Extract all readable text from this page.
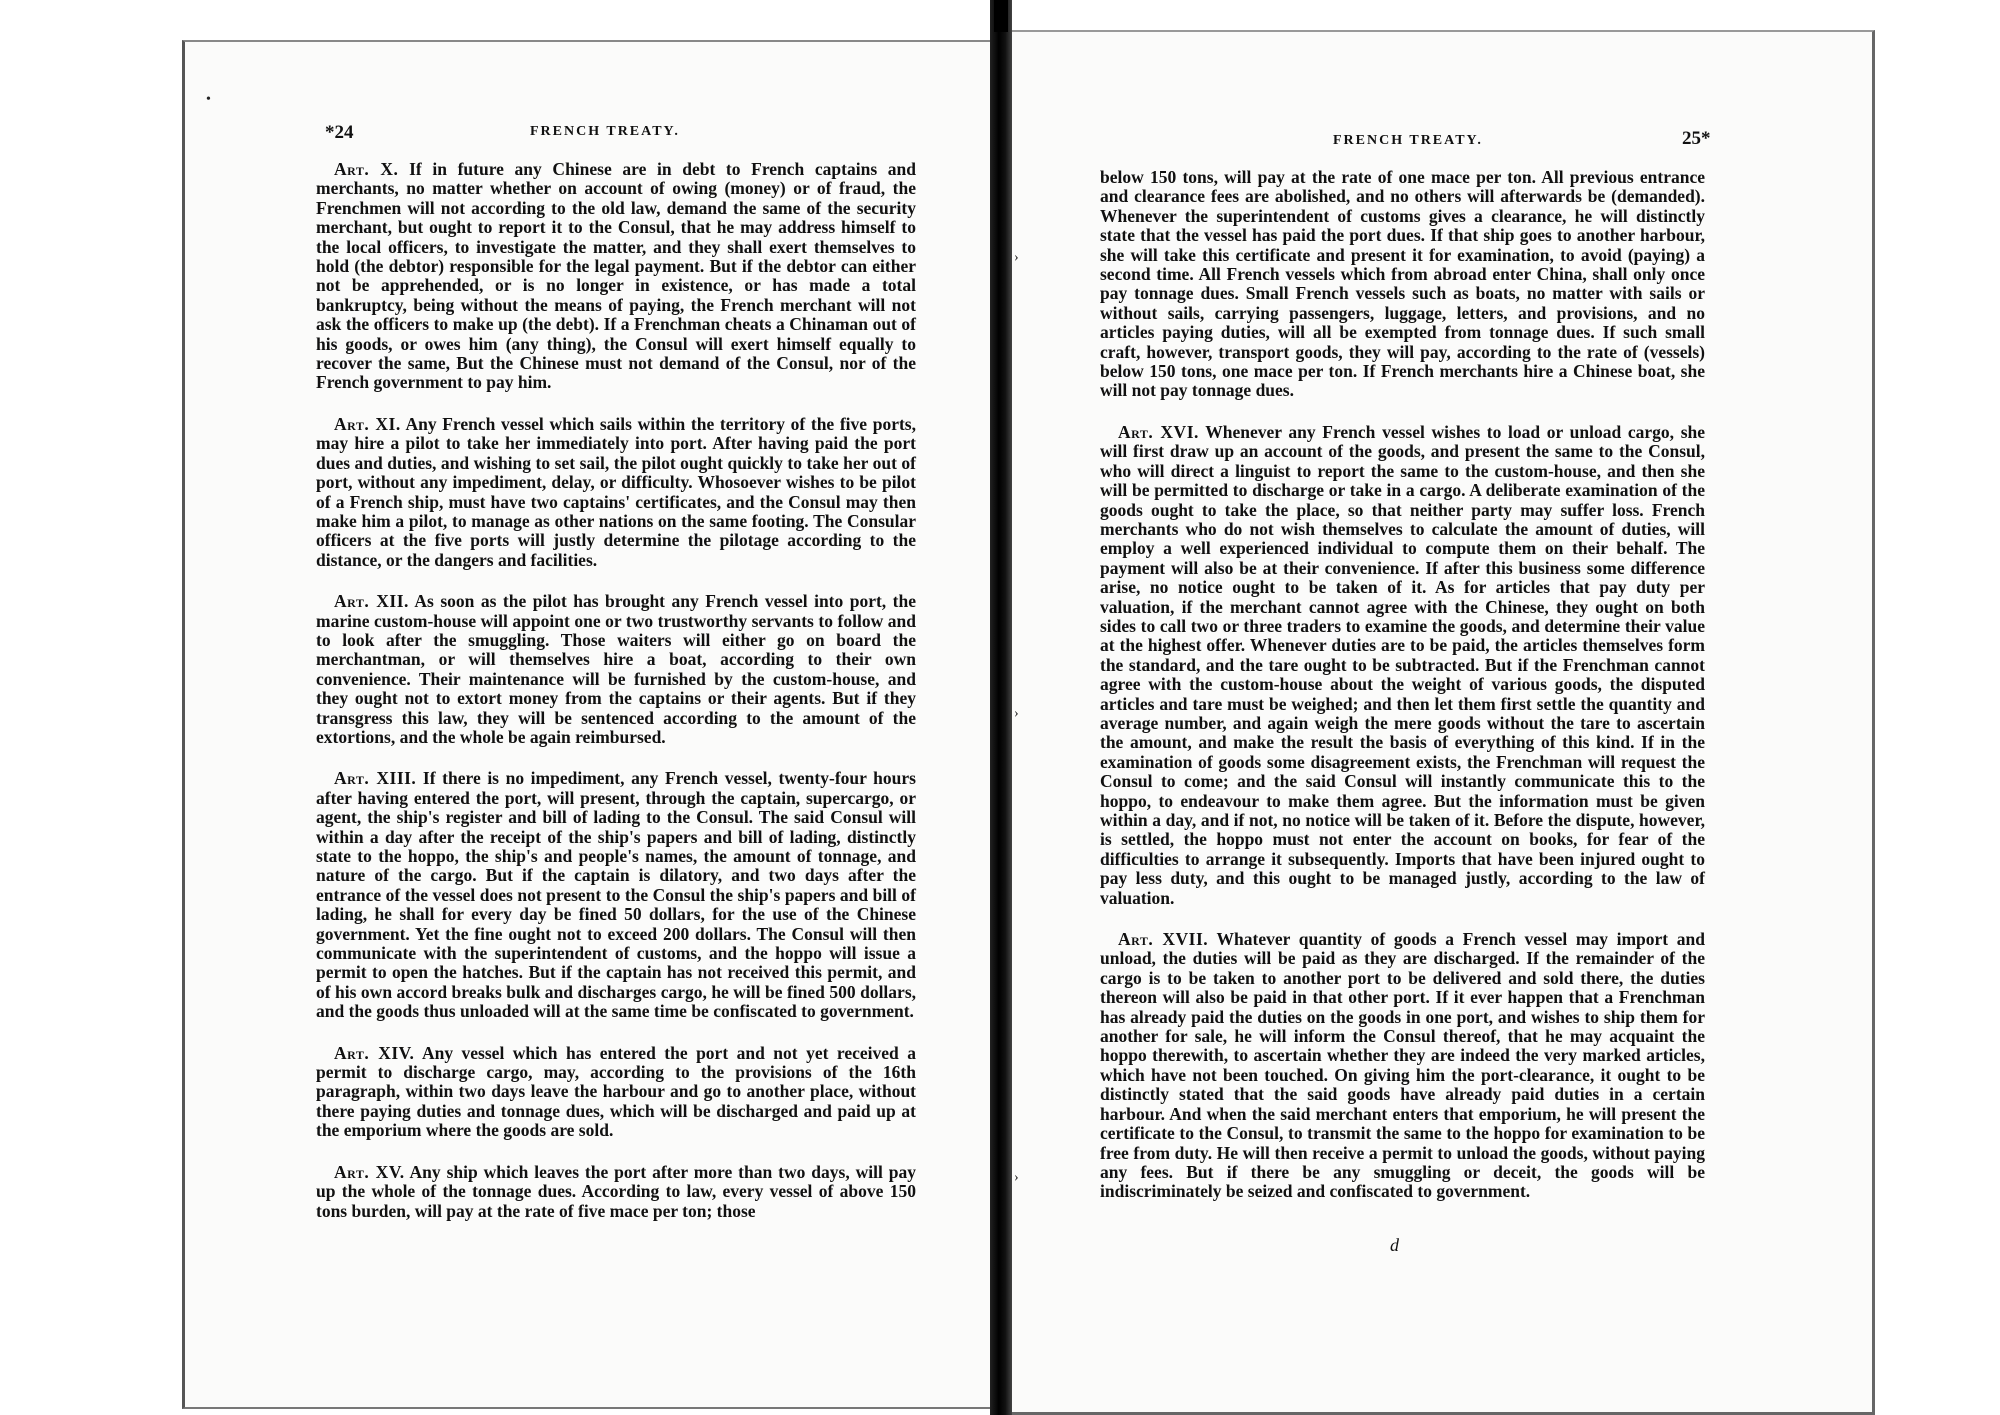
•
›
›
›
*24	FRENCH TREATY.

Art. X. If in future any Chinese are in debt to French captains and merchants, no matter whether on account of owing (money) or of fraud, the Frenchmen will not according to the old law, demand the same of the security merchant, but ought to report it to the Consul, that he may address himself to the local officers, to investigate the matter, and they shall exert themselves to hold (the debtor) responsible for the legal payment. But if the debtor can either not be apprehended, or is no longer in existence, or has made a total bankruptcy, being without the means of paying, the French merchant will not ask the officers to make up (the debt). If a Frenchman cheats a Chinaman out of his goods, or owes him (any thing), the Consul will exert himself equally to recover the same, But the Chinese must not demand of the Consul, nor of the French government to pay him.

Art. XI. Any French vessel which sails within the territory of the five ports, may hire a pilot to take her immediately into port. After having paid the port dues and duties, and wishing to set sail, the pilot ought quickly to take her out of port, without any impediment, delay, or difficulty. Whosoever wishes to be pilot of a French ship, must have two captains' certificates, and the Consul may then make him a pilot, to manage as other nations on the same footing. The Consular officers at the five ports will justly determine the pilotage according to the distance, or the dangers and facilities.

Art. XII. As soon as the pilot has brought any French vessel into port, the marine custom-house will appoint one or two trustworthy servants to follow and to look after the smuggling. Those waiters will either go on board the merchantman, or will themselves hire a boat, according to their own convenience. Their maintenance will be furnished by the custom-house, and they ought not to extort money from the captains or their agents. But if they transgress this law, they will be sentenced according to the amount of the extortions, and the whole be again reimbursed.

Art. XIII. If there is no impediment, any French vessel, twenty-four hours after having entered the port, will present, through the captain, supercargo, or agent, the ship's register and bill of lading to the Consul. The said Consul will within a day after the receipt of the ship's papers and bill of lading, distinctly state to the hoppo, the ship's and people's names, the amount of tonnage, and nature of the cargo. But if the captain is dilatory, and two days after the entrance of the vessel does not present to the Consul the ship's papers and bill of lading, he shall for every day be fined 50 dollars, for the use of the Chinese government. Yet the fine ought not to exceed 200 dollars. The Consul will then communicate with the superintendent of customs, and the hoppo will issue a permit to open the hatches. But if the captain has not received this permit, and of his own accord breaks bulk and discharges cargo, he will be fined 500 dollars, and the goods thus unloaded will at the same time be confiscated to government.

Art. XIV. Any vessel which has entered the port and not yet received a permit to discharge cargo, may, according to the provisions of the 16th paragraph, within two days leave the harbour and go to another place, without there paying duties and tonnage dues, which will be discharged and paid up at the emporium where the goods are sold.

Art. XV. Any ship which leaves the port after more than two days, will pay up the whole of the tonnage dues. According to law, every vessel of above 150 tons burden, will pay at the rate of five mace per ton; those

FRENCH TREATY.	25*

below 150 tons, will pay at the rate of one mace per ton. All previous entrance and clearance fees are abolished, and no others will afterwards be (demanded). Whenever the superintendent of customs gives a clearance, he will distinctly state that the vessel has paid the port dues. If that ship goes to another harbour, she will take this certificate and present it for examination, to avoid (paying) a second time. All French vessels which from abroad enter China, shall only once pay tonnage dues. Small French vessels such as boats, no matter with sails or without sails, carrying passengers, luggage, letters, and provisions, and no articles paying duties, will all be exempted from tonnage dues. If such small craft, however, transport goods, they will pay, according to the rate of (vessels) below 150 tons, one mace per ton. If French merchants hire a Chinese boat, she will not pay tonnage dues.

Art. XVI. Whenever any French vessel wishes to load or unload cargo, she will first draw up an account of the goods, and present the same to the Consul, who will direct a linguist to report the same to the custom-house, and then she will be permitted to discharge or take in a cargo. A deliberate examination of the goods ought to take the place, so that neither party may suffer loss. French merchants who do not wish themselves to calculate the amount of duties, will employ a well experienced individual to compute them on their behalf. The payment will also be at their convenience. If after this business some difference arise, no notice ought to be taken of it. As for articles that pay duty per valuation, if the merchant cannot agree with the Chinese, they ought on both sides to call two or three traders to examine the goods, and determine their value at the highest offer. Whenever duties are to be paid, the articles themselves form the standard, and the tare ought to be subtracted. But if the Frenchman cannot agree with the custom-house about the weight of various goods, the disputed articles and tare must be weighed; and then let them first settle the quantity and average number, and again weigh the mere goods without the tare to ascertain the amount, and make the result the basis of everything of this kind. If in the examination of goods some disagreement exists, the Frenchman will request the Consul to come; and the said Consul will instantly communicate this to the hoppo, to endeavour to make them agree. But the information must be given within a day, and if not, no notice will be taken of it. Before the dispute, however, is settled, the hoppo must not enter the account on books, for fear of the difficulties to arrange it subsequently. Imports that have been injured ought to pay less duty, and this ought to be managed justly, according to the law of valuation.

Art. XVII. Whatever quantity of goods a French vessel may import and unload, the duties will be paid as they are discharged. If the remainder of the cargo is to be taken to another port to be delivered and sold there, the duties thereon will also be paid in that other port. If it ever happen that a Frenchman has already paid the duties on the goods in one port, and wishes to ship them for another for sale, he will inform the Consul thereof, that he may acquaint the hoppo therewith, to ascertain whether they are indeed the very marked articles, which have not been touched. On giving him the port-clearance, it ought to be distinctly stated that the said goods have already paid duties in a certain harbour. And when the said merchant enters that emporium, he will present the certificate to the Consul, to transmit the same to the hoppo for examination to be free from duty. He will then receive a permit to unload the goods, without paying any fees. But if there be any smuggling or deceit, the goods will be indiscriminately be seized and confiscated to government.

d
